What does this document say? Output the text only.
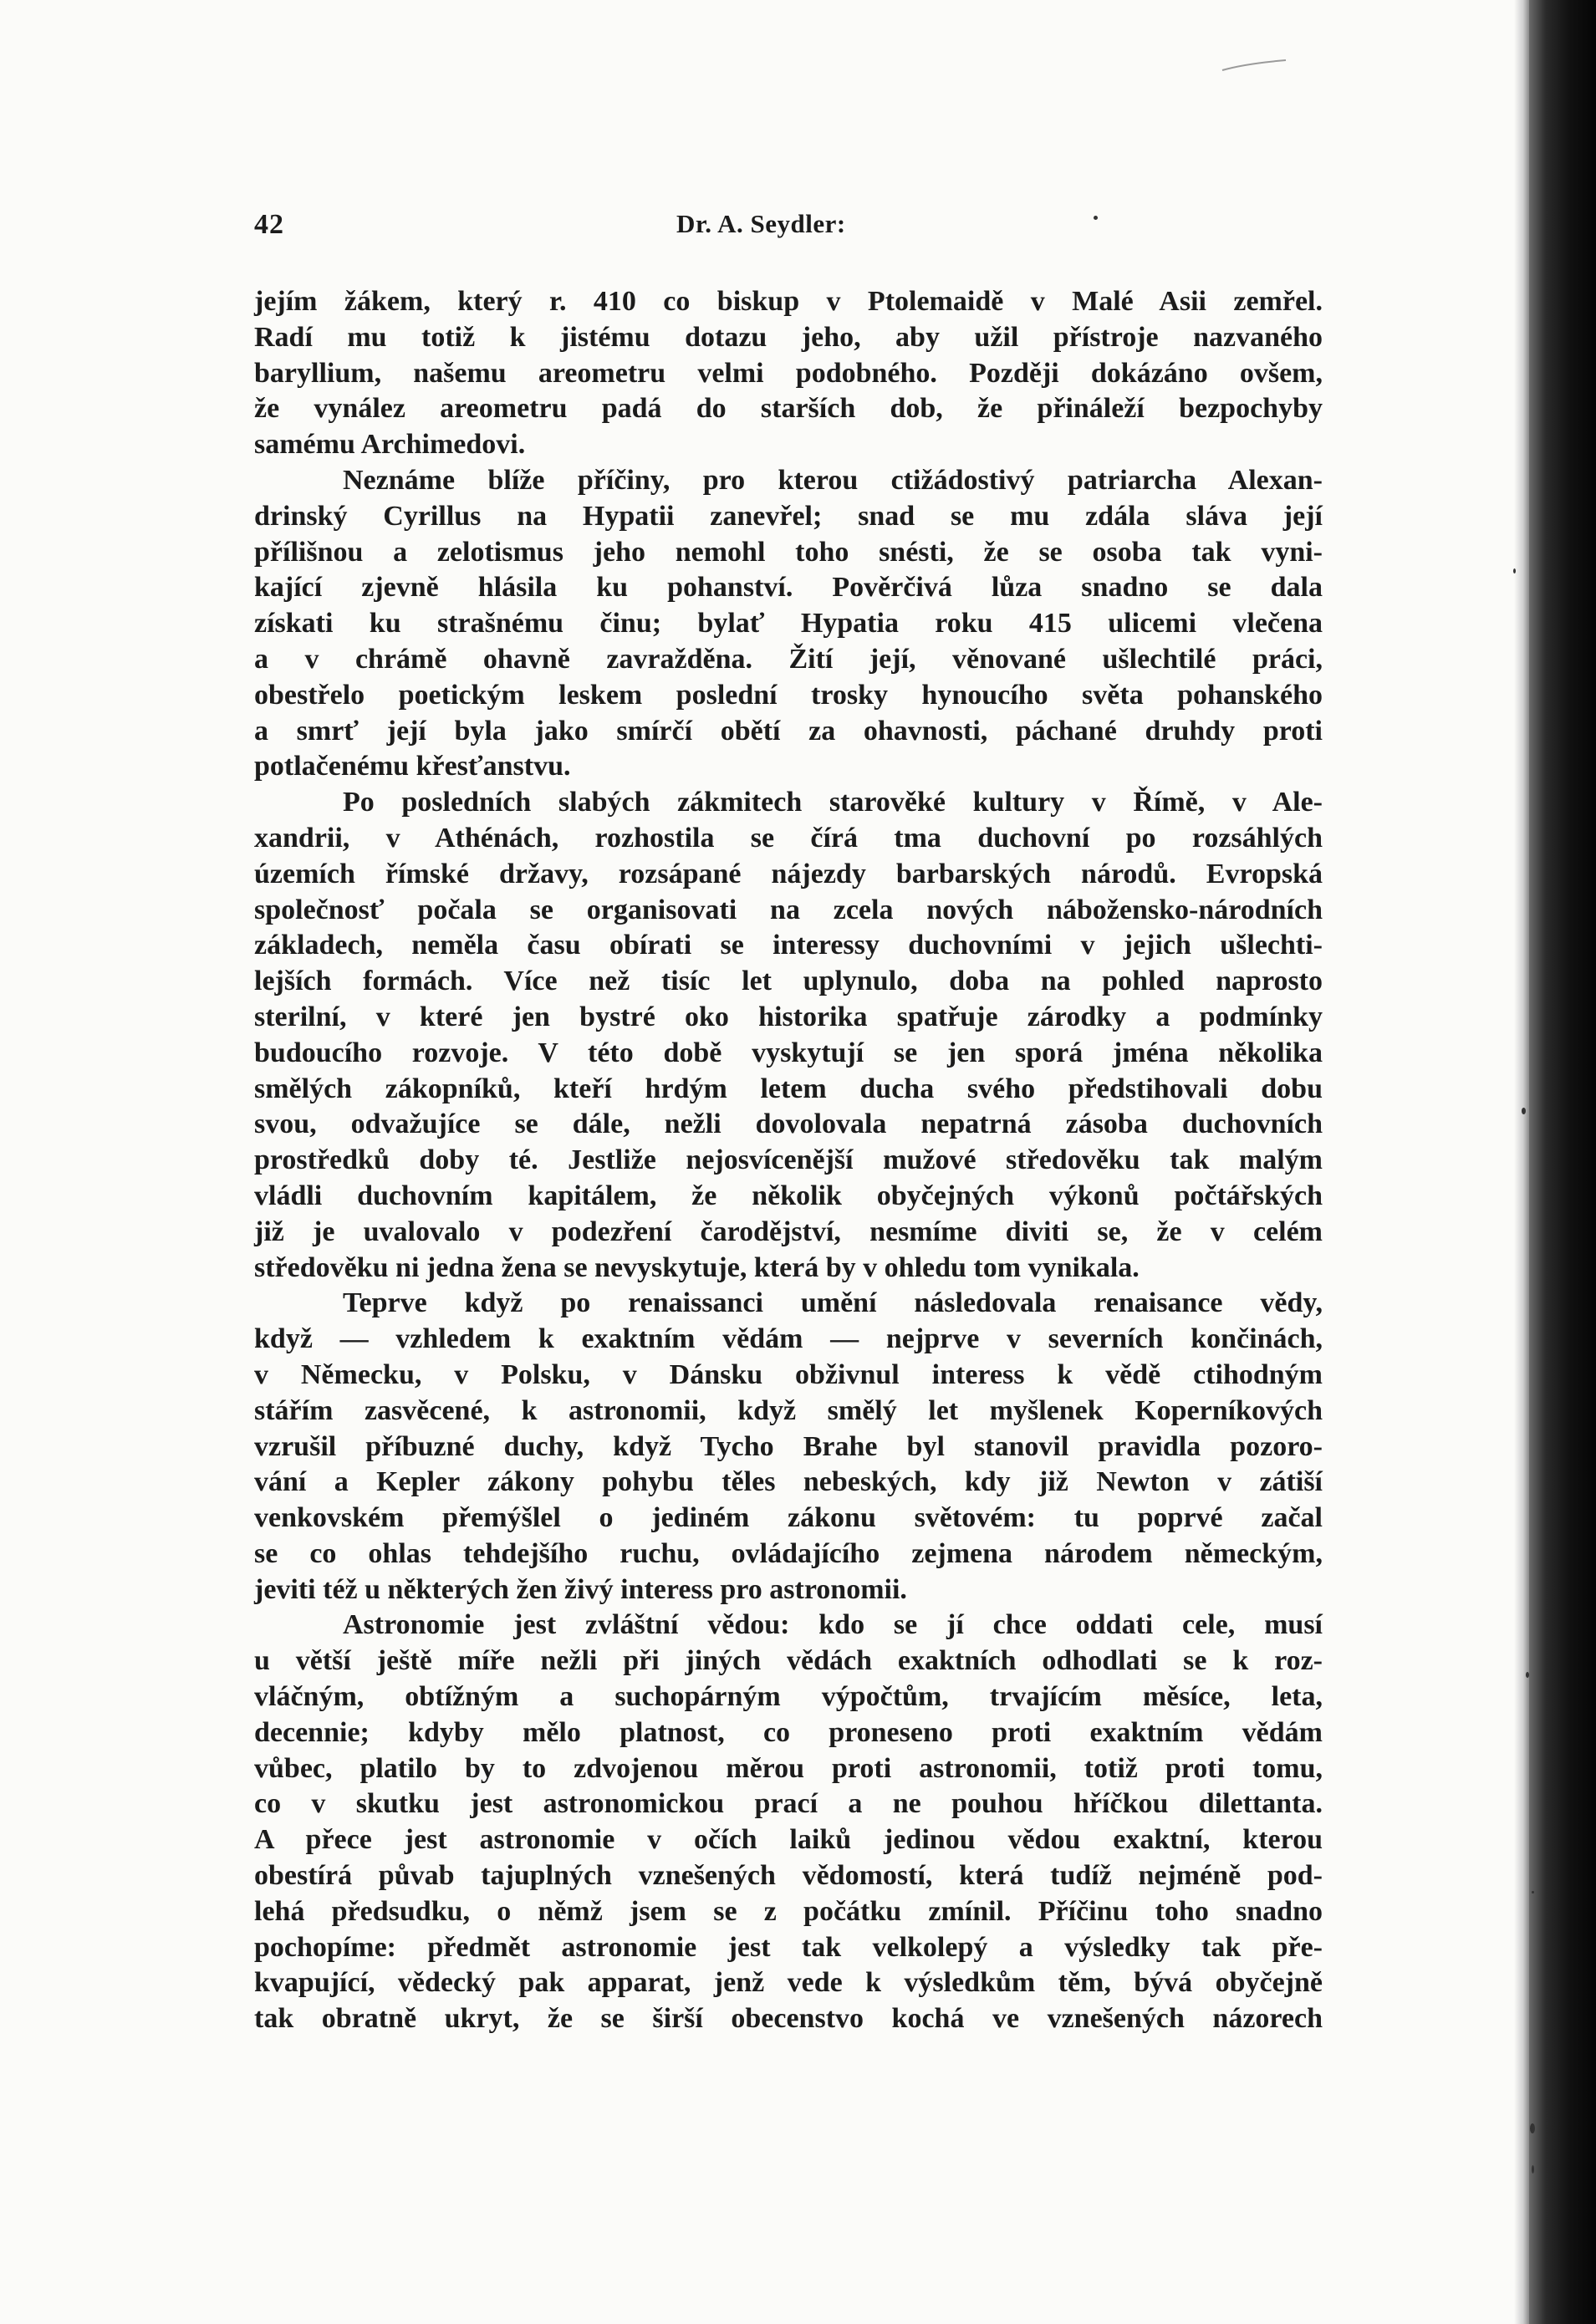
42	Dr. A. Seydler:
jejím žákem, který r. 410 co biskup v Ptolemaidě v Malé Asii zemřel.
Radí mu totiž k jistému dotazu jeho, aby užil přístroje nazvaného
baryllium, našemu areometru velmi podobného. Později dokázáno ovšem,
že vynález areometru padá do starších dob, že přináleží bezpochyby
samému Archimedovi.
Neznáme blíže příčiny, pro kterou ctižádostivý patriarcha Alexan-
drinský Cyrillus na Hypatii zanevřel; snad se mu zdála sláva její
přílišnou a zelotismus jeho nemohl toho snésti, že se osoba tak vyni-
kající zjevně hlásila ku pohanství. Pověrčivá lůza snadno se dala
získati ku strašnému činu; bylať Hypatia roku 415 ulicemi vlečena
a v chrámě ohavně zavražděna. Žití její, věnované ušlechtilé práci,
obestřelo poetickým leskem poslední trosky hynoucího světa pohanského
a smrť její byla jako smírčí obětí za ohavnosti, páchané druhdy proti
potlačenému křesťanstvu.
Po posledních slabých zákmitech starověké kultury v Římě, v Ale-
xandrii, v Athénách, rozhostila se čírá tma duchovní po rozsáhlých
územích římské državy, rozsápané nájezdy barbarských národů. Evropská
společnosť počala se organisovati na zcela nových nábožensko-národních
základech, neměla času obírati se interessy duchovními v jejich ušlechti-
lejších formách. Více než tisíc let uplynulo, doba na pohled naprosto
sterilní, v které jen bystré oko historika spatřuje zárodky a podmínky
budoucího rozvoje. V této době vyskytují se jen sporá jména několika
smělých zákopníků, kteří hrdým letem ducha svého předstihovali dobu
svou, odvažujíce se dále, nežli dovolovala nepatrná zásoba duchovních
prostředků doby té. Jestliže nejosvícenější mužové středověku tak malým
vládli duchovním kapitálem, že několik obyčejných výkonů počtářských
již je uvalovalo v podezření čarodějství, nesmíme diviti se, že v celém
středověku ni jedna žena se nevyskytuje, která by v ohledu tom vynikala.
Teprve když po renaissanci umění následovala renaisance vědy,
když — vzhledem k exaktním vědám — nejprve v severních končinách,
v Německu, v Polsku, v Dánsku obživnul interess k vědě ctihodným
stářím zasvěcené, k astronomii, když smělý let myšlenek Koperníkových
vzrušil příbuzné duchy, když Tycho Brahe byl stanovil pravidla pozoro-
vání a Kepler zákony pohybu těles nebeských, kdy již Newton v zátiší
venkovském přemýšlel o jediném zákonu světovém: tu poprvé začal
se co ohlas tehdejšího ruchu, ovládajícího zejmena národem německým,
jeviti též u některých žen živý interess pro astronomii.
Astronomie jest zvláštní vědou: kdo se jí chce oddati cele, musí
u větší ještě míře nežli při jiných vědách exaktních odhodlati se k roz-
vláčným, obtížným a suchopárným výpočtům, trvajícím měsíce, leta,
decennie; kdyby mělo platnost, co proneseno proti exaktním vědám
vůbec, platilo by to zdvojenou měrou proti astronomii, totiž proti tomu,
co v skutku jest astronomickou prací a ne pouhou hříčkou dilettanta.
A přece jest astronomie v očích laiků jedinou vědou exaktní, kterou
obestírá půvab tajuplných vznešených vědomostí, která tudíž nejméně pod-
lehá předsudku, o němž jsem se z počátku zmínil. Příčinu toho snadno
pochopíme: předmět astronomie jest tak velkolepý a výsledky tak pře-
kvapující, vědecký pak apparat, jenž vede k výsledkům těm, bývá obyčejně
tak obratně ukryt, že se širší obecenstvo kochá ve vznešených názorech
